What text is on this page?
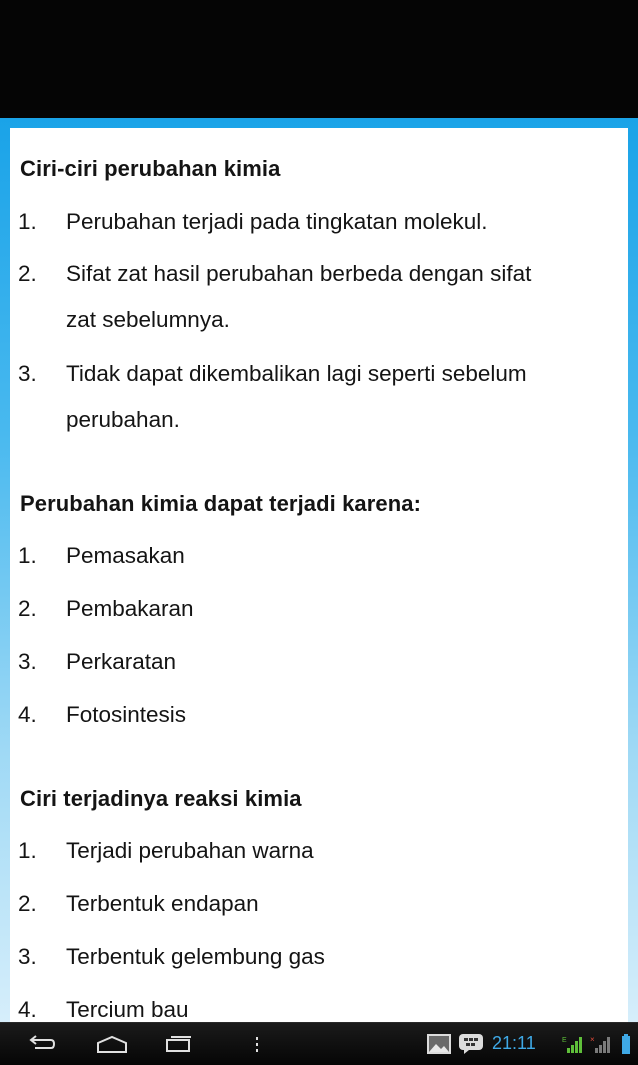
Ciri-ciri perubahan kimia
1. Perubahan terjadi pada tingkatan molekul.
2. Sifat zat hasil perubahan berbeda dengan sifat
zat sebelumnya.
3. Tidak dapat dikembalikan lagi seperti sebelum
perubahan.
Perubahan kimia dapat terjadi karena:
1. Pemasakan
2. Pembakaran
3. Perkaratan
4. Fotosintesis
Ciri terjadinya reaksi kimia
1. Terjadi perubahan warna
2. Terbentuk endapan
3. Terbentuk gelembung gas
4. Tercium bau
21:11	E	×
